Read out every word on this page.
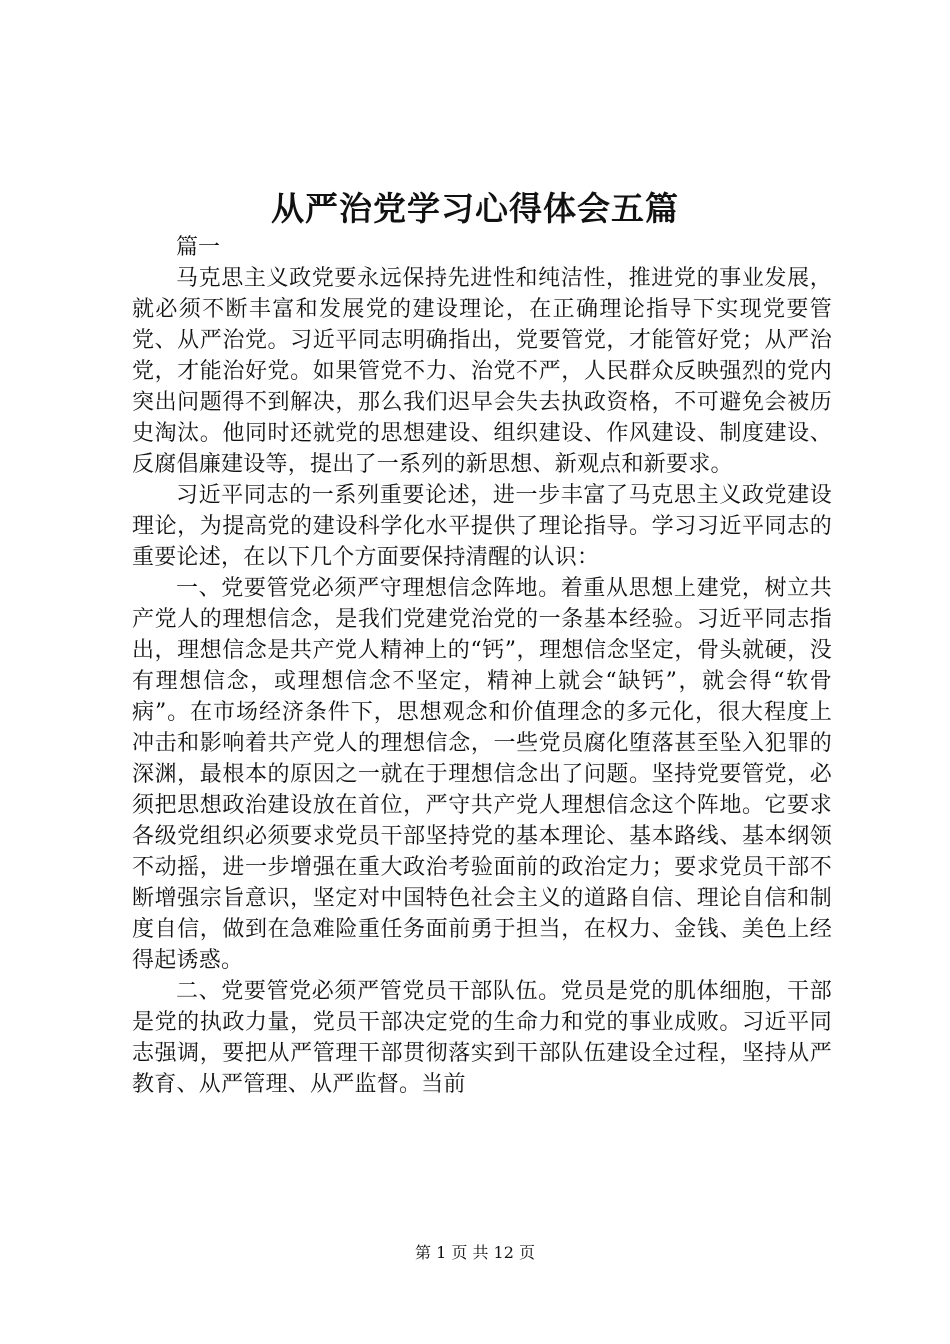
从严治党学习心得体会五篇

篇一

马克思主义政党要永远保持先进性和纯洁性，推进党的事业发展，就必须不断丰富和发展党的建设理论，在正确理论指导下实现党要管党、从严治党。习近平同志明确指出，党要管党，才能管好党；从严治党，才能治好党。如果管党不力、治党不严，人民群众反映强烈的党内突出问题得不到解决，那么我们迟早会失去执政资格，不可避免会被历史淘汰。他同时还就党的思想建设、组织建设、作风建设、制度建设、反腐倡廉建设等，提出了一系列的新思想、新观点和新要求。

习近平同志的一系列重要论述，进一步丰富了马克思主义政党建设理论，为提高党的建设科学化水平提供了理论指导。学习习近平同志的重要论述，在以下几个方面要保持清醒的认识：

一、党要管党必须严守理想信念阵地。着重从思想上建党，树立共产党人的理想信念，是我们党建党治党的一条基本经验。习近平同志指出，理想信念是共产党人精神上的“钙”，理想信念坚定，骨头就硬，没有理想信念，或理想信念不坚定，精神上就会“缺钙”，就会得“软骨病”。在市场经济条件下，思想观念和价值理念的多元化，很大程度上冲击和影响着共产党人的理想信念，一些党员腐化堕落甚至坠入犯罪的深渊，最根本的原因之一就在于理想信念出了问题。坚持党要管党，必须把思想政治建设放在首位，严守共产党人理想信念这个阵地。它要求各级党组织必须要求党员干部坚持党的基本理论、基本路线、基本纲领不动摇，进一步增强在重大政治考验面前的政治定力；要求党员干部不断增强宗旨意识，坚定对中国特色社会主义的道路自信、理论自信和制度自信，做到在急难险重任务面前勇于担当，在权力、金钱、美色上经得起诱惑。

二、党要管党必须严管党员干部队伍。党员是党的肌体细胞，干部是党的执政力量，党员干部决定党的生命力和党的事业成败。习近平同志强调，要把从严管理干部贯彻落实到干部队伍建设全过程，坚持从严教育、从严管理、从严监督。当前

第 1 页 共 12 页
